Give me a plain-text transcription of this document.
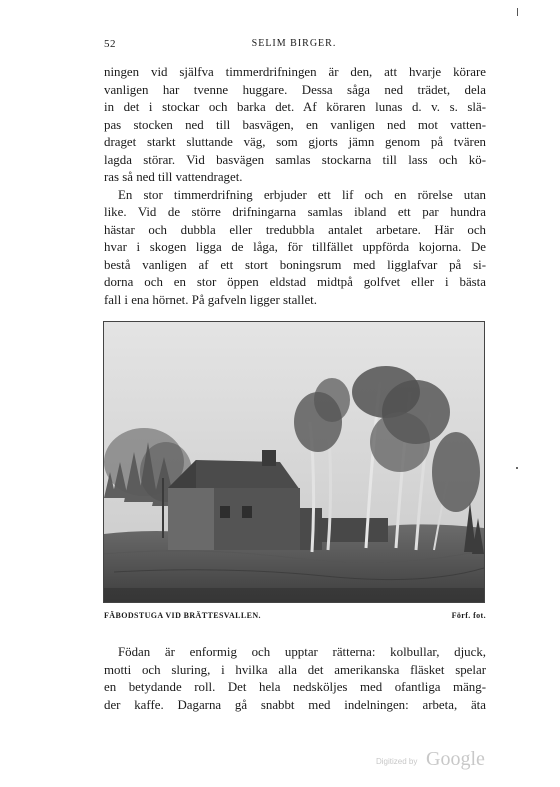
52	SELIM BIRGER.
ningen vid själfva timmerdrifningen är den, att hvarje körare
vanligen har tvenne huggare. Dessa såga ned trädet, dela
in det i stockar och barka det. Af köraren lunas d. v. s. slä-
pas stocken ned till basvägen, en vanligen ned mot vatten-
draget starkt sluttande väg, som gjorts jämn genom på tvären
lagda störar. Vid basvägen samlas stockarna till lass och kö-
ras så ned till vattendraget.
En stor timmerdrifning erbjuder ett lif och en rörelse utan
like. Vid de större drifningarna samlas ibland ett par hundra
hästar och dubbla eller tredubbla antalet arbetare. Här och
hvar i skogen ligga de låga, för tillfället uppförda kojorna. De
bestå vanligen af ett stort boningsrum med ligglafvar på si-
dorna och en stor öppen eldstad midtpå golfvet eller i bästa
fall i ena hörnet. På gafveln ligger stallet.
FÄBODSTUGA VID BRÄTTESVALLEN.	Förf. fot.
Födan är enformig och upptar rätterna: kolbullar, djuck,
motti och sluring, i hvilka alla det amerikanska fläsket spelar
en betydande roll. Det hela nedsköljes med ofantliga mäng-
der kaffe. Dagarna gå snabbt med indelningen: arbeta, äta
Digitized by Google
